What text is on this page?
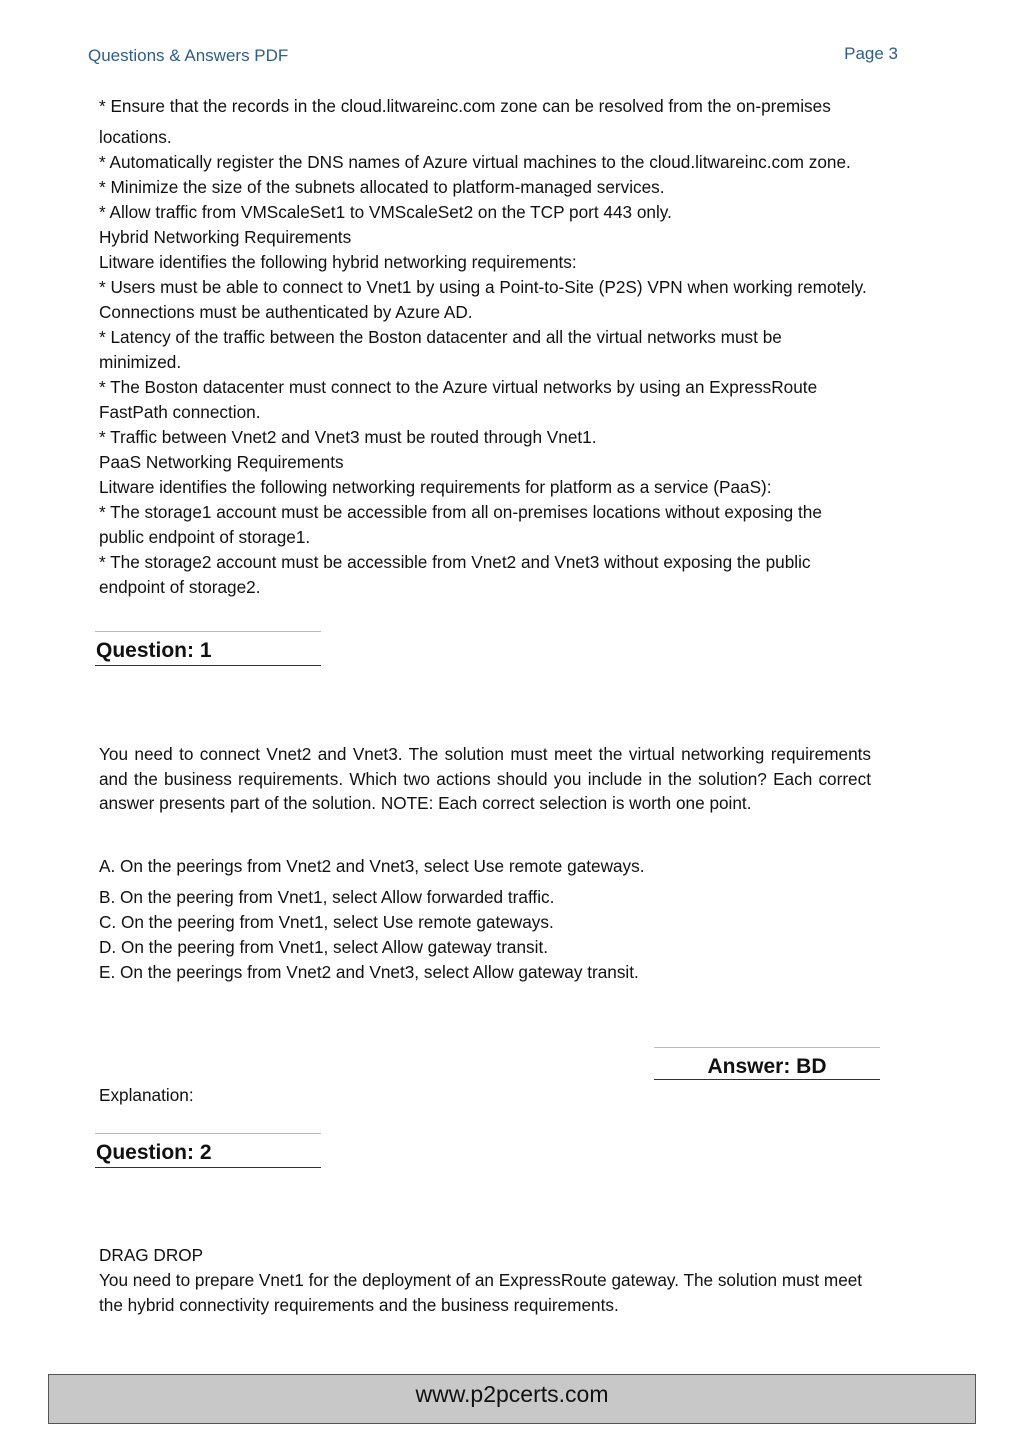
Questions & Answers PDF	Page 3
* Ensure that the records in the cloud.litwareinc.com zone can be resolved from the on-premises
locations.
* Automatically register the DNS names of Azure virtual machines to the cloud.litwareinc.com zone.
* Minimize the size of the subnets allocated to platform-managed services.
* Allow traffic from VMScaleSet1 to VMScaleSet2 on the TCP port 443 only.
Hybrid Networking Requirements
Litware identifies the following hybrid networking requirements:
* Users must be able to connect to Vnet1 by using a Point-to-Site (P2S) VPN when working remotely.
Connections must be authenticated by Azure AD.
* Latency of the traffic between the Boston datacenter and all the virtual networks must be
minimized.
* The Boston datacenter must connect to the Azure virtual networks by using an ExpressRoute
FastPath connection.
* Traffic between Vnet2 and Vnet3 must be routed through Vnet1.
PaaS Networking Requirements
Litware identifies the following networking requirements for platform as a service (PaaS):
* The storage1 account must be accessible from all on-premises locations without exposing the
public endpoint of storage1.
* The storage2 account must be accessible from Vnet2 and Vnet3 without exposing the public
endpoint of storage2.
Question: 1
You need to connect Vnet2 and Vnet3. The solution must meet the virtual networking requirements and the business requirements. Which two actions should you include in the solution? Each correct answer presents part of the solution. NOTE: Each correct selection is worth one point.
A. On the peerings from Vnet2 and Vnet3, select Use remote gateways.
B. On the peering from Vnet1, select Allow forwarded traffic.
C. On the peering from Vnet1, select Use remote gateways.
D. On the peering from Vnet1, select Allow gateway transit.
E. On the peerings from Vnet2 and Vnet3, select Allow gateway transit.
Answer: BD
Explanation:
Question: 2
DRAG DROP
You need to prepare Vnet1 for the deployment of an ExpressRoute gateway. The solution must meet
the hybrid connectivity requirements and the business requirements.
www.p2pcerts.com
